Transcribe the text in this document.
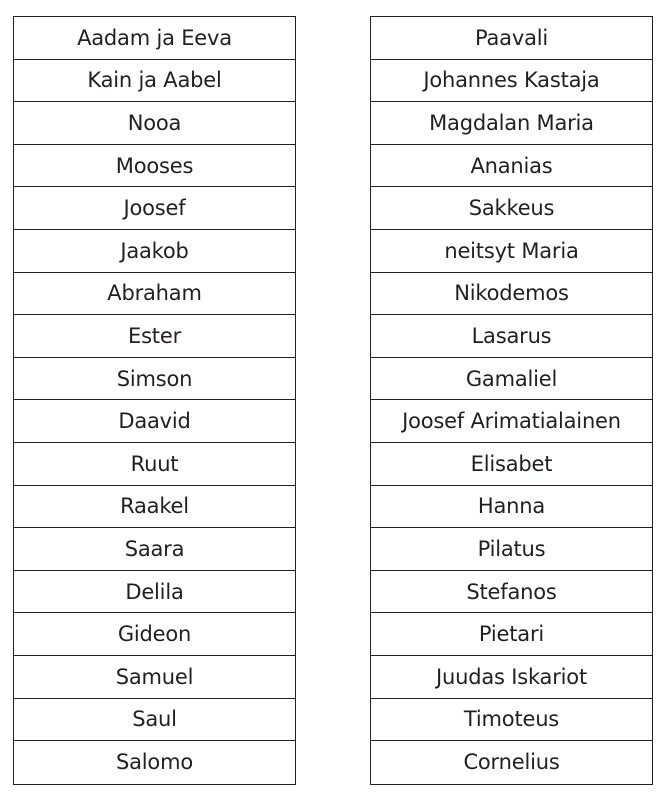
Aadam ja Eeva
Kain ja Aabel
Nooa
Mooses
Joosef
Jaakob
Abraham
Ester
Simson
Daavid
Ruut
Raakel
Saara
Delila
Gideon
Samuel
Saul
Salomo
Paavali
Johannes Kastaja
Magdalan Maria
Ananias
Sakkeus
neitsyt Maria
Nikodemos
Lasarus
Gamaliel
Joosef Arimatialainen
Elisabet
Hanna
Pilatus
Stefanos
Pietari
Juudas Iskariot
Timoteus
Cornelius
